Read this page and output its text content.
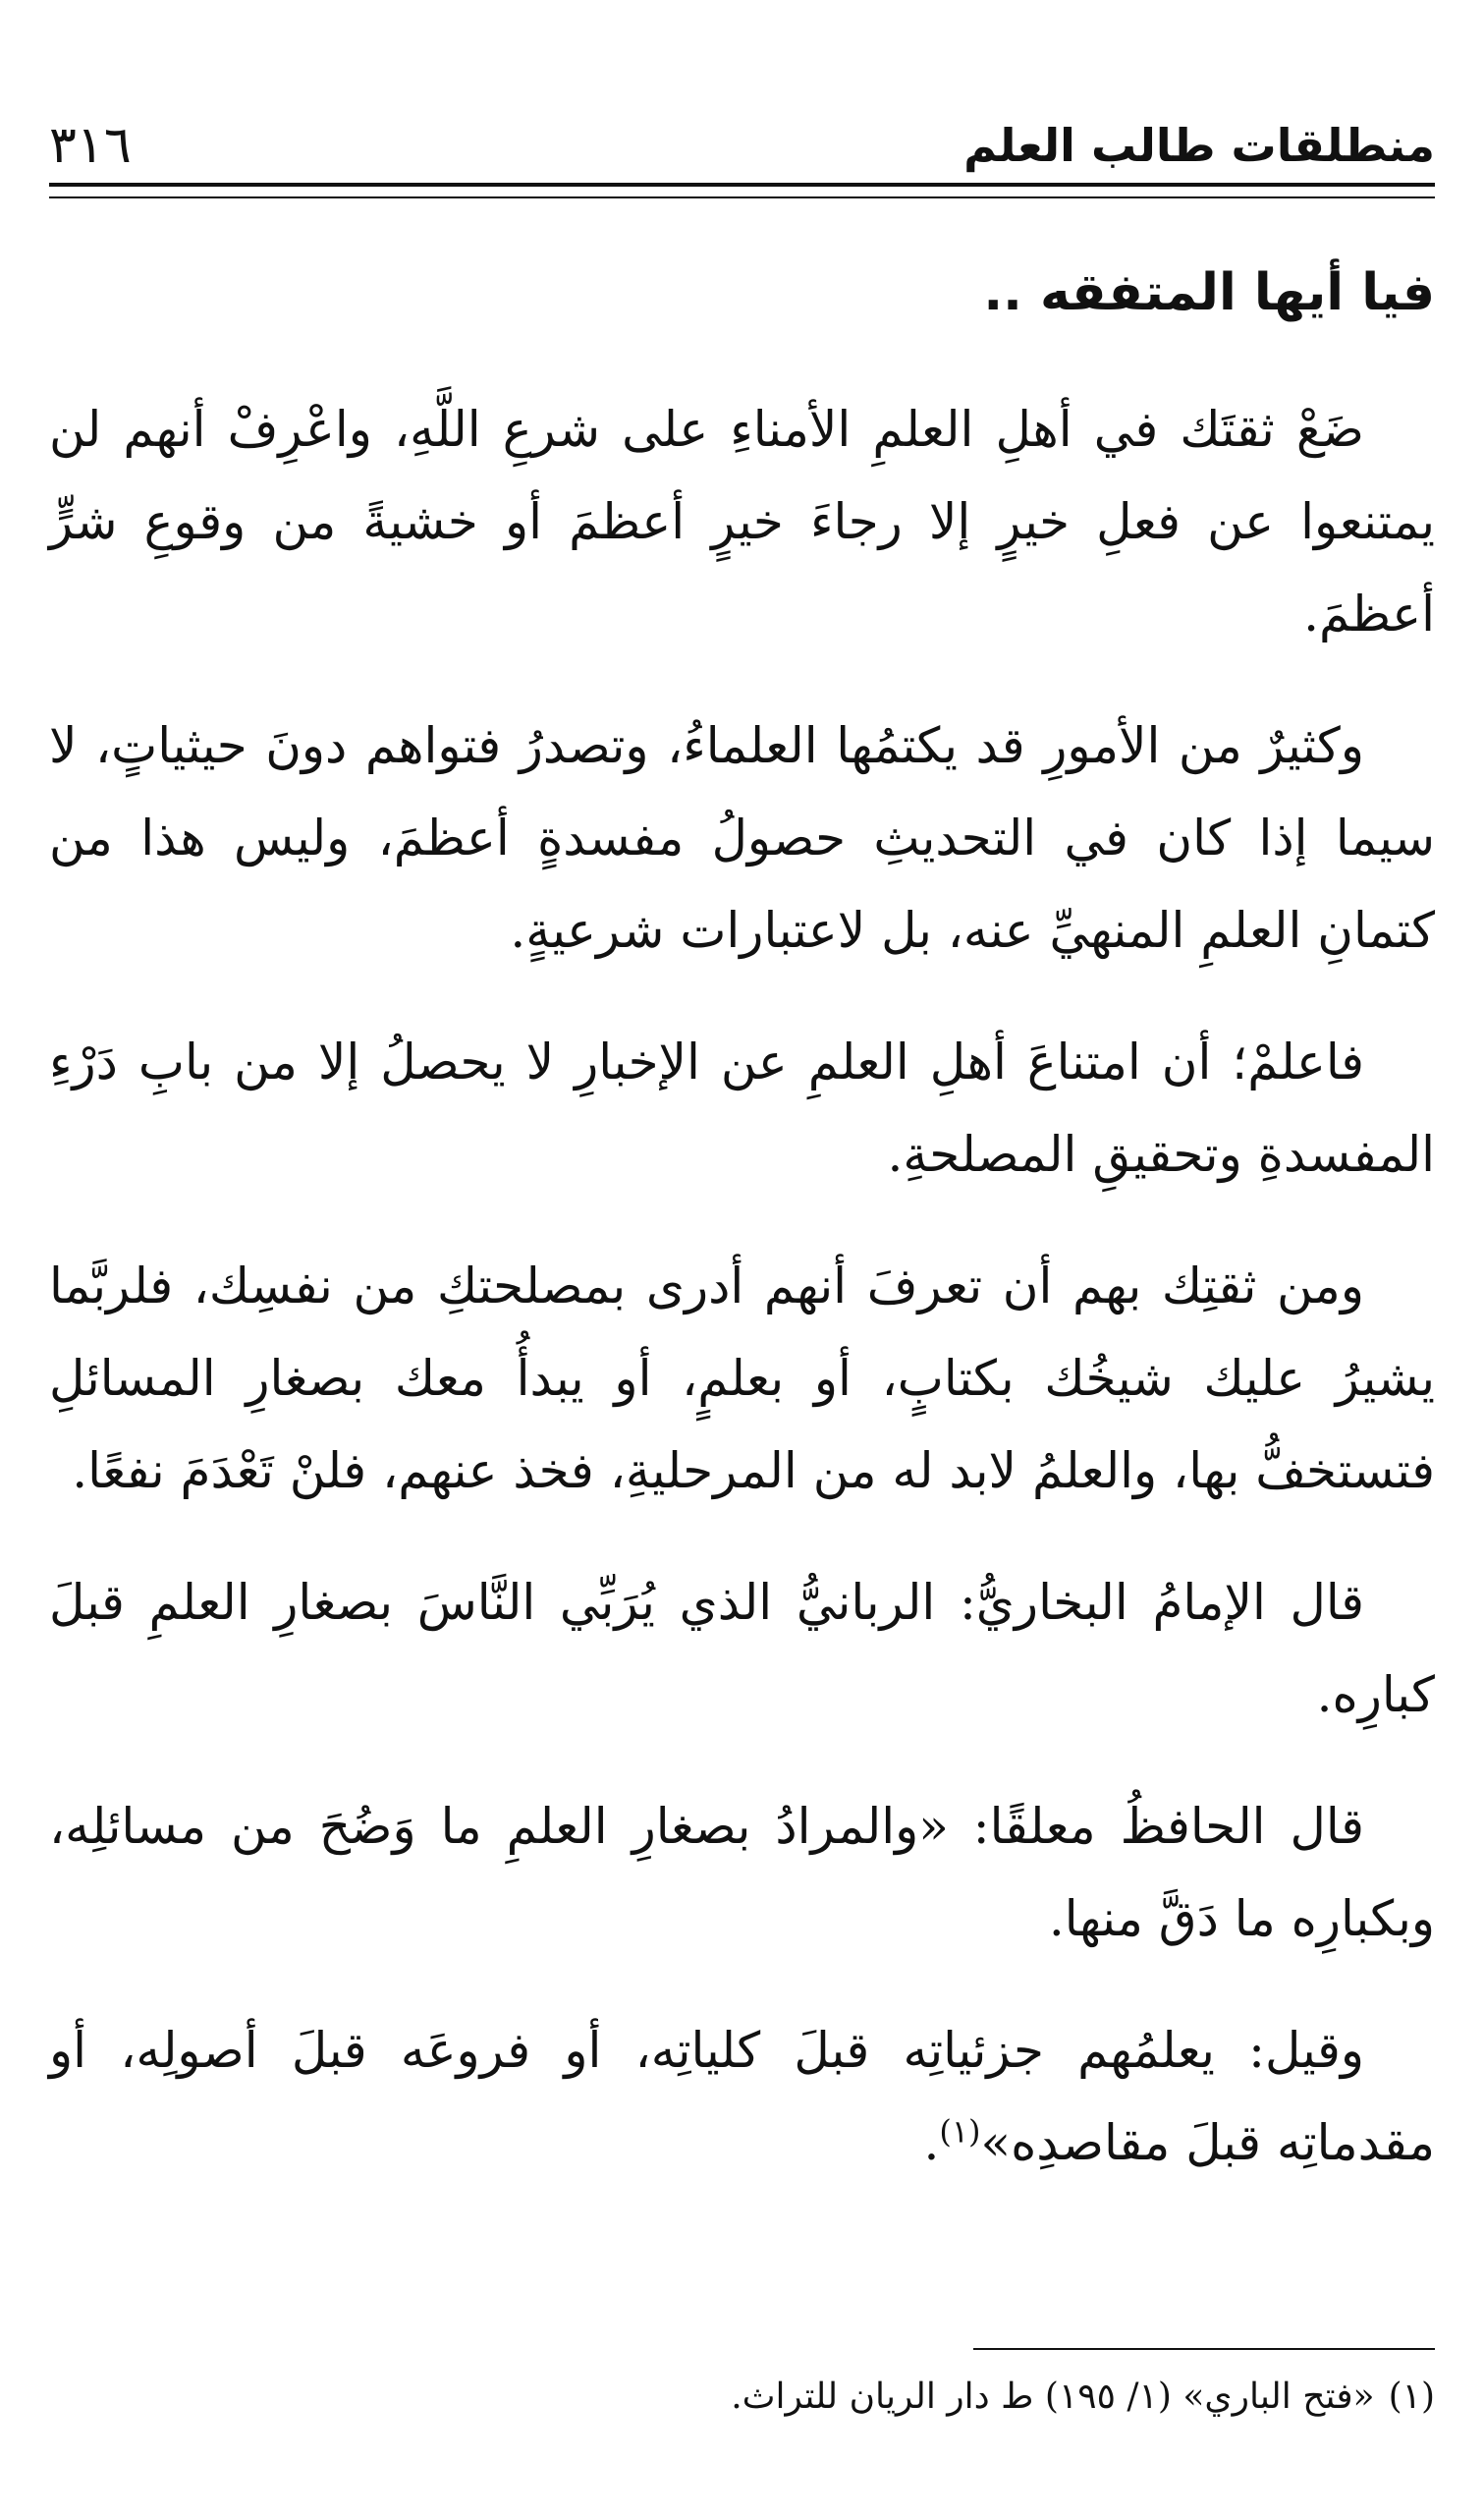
منطلقات طالب العلم
٣١٦
فيا أيها المتفقه ..

ضَعْ ثقتَك في أهلِ العلمِ الأمناءِ على شرعِ اللَّهِ، واعْرِفْ أنهم لن يمتنعوا عن فعلِ خيرٍ إلا رجاءَ خيرٍ أعظمَ أو خشيةً من وقوعِ شرٍّ أعظمَ.

وكثيرٌ من الأمورِ قد يكتمُها العلماءُ، وتصدرُ فتواهم دونَ حيثياتٍ، لا سيما إذا كان في التحديثِ حصولُ مفسدةٍ أعظمَ، وليس هذا من كتمانِ العلمِ المنهيِّ عنه، بل لاعتبارات شرعيةٍ.

فاعلمْ؛ أن امتناعَ أهلِ العلمِ عن الإخبارِ لا يحصلُ إلا من بابِ دَرْءِ المفسدةِ وتحقيقِ المصلحةِ.

ومن ثقتِك بهم أن تعرفَ أنهم أدرى بمصلحتكِ من نفسِك، فلربَّما يشيرُ عليك شيخُك بكتابٍ، أو بعلمٍ، أو يبدأُ معك بصغارِ المسائلِ فتستخفُّ بها، والعلمُ لابد له من المرحليةِ، فخذ عنهم، فلنْ تَعْدَمَ نفعًا.

قال الإمامُ البخاريُّ: الربانيُّ الذي يُرَبِّي النَّاسَ بصغارِ العلمِ قبلَ كبارِه.

قال الحافظُ معلقًا: «والمرادُ بصغارِ العلمِ ما وَضُحَ من مسائلِه، وبكبارِه ما دَقَّ منها.

وقيل: يعلمُهم جزئياتِه قبلَ كلياتِه، أو فروعَه قبلَ أصولِه، أو مقدماتِه قبلَ مقاصدِه»$^{(١)}$.

(١)«فتح الباري» (١/ ١٩٥) ط دار الريان للتراث.
